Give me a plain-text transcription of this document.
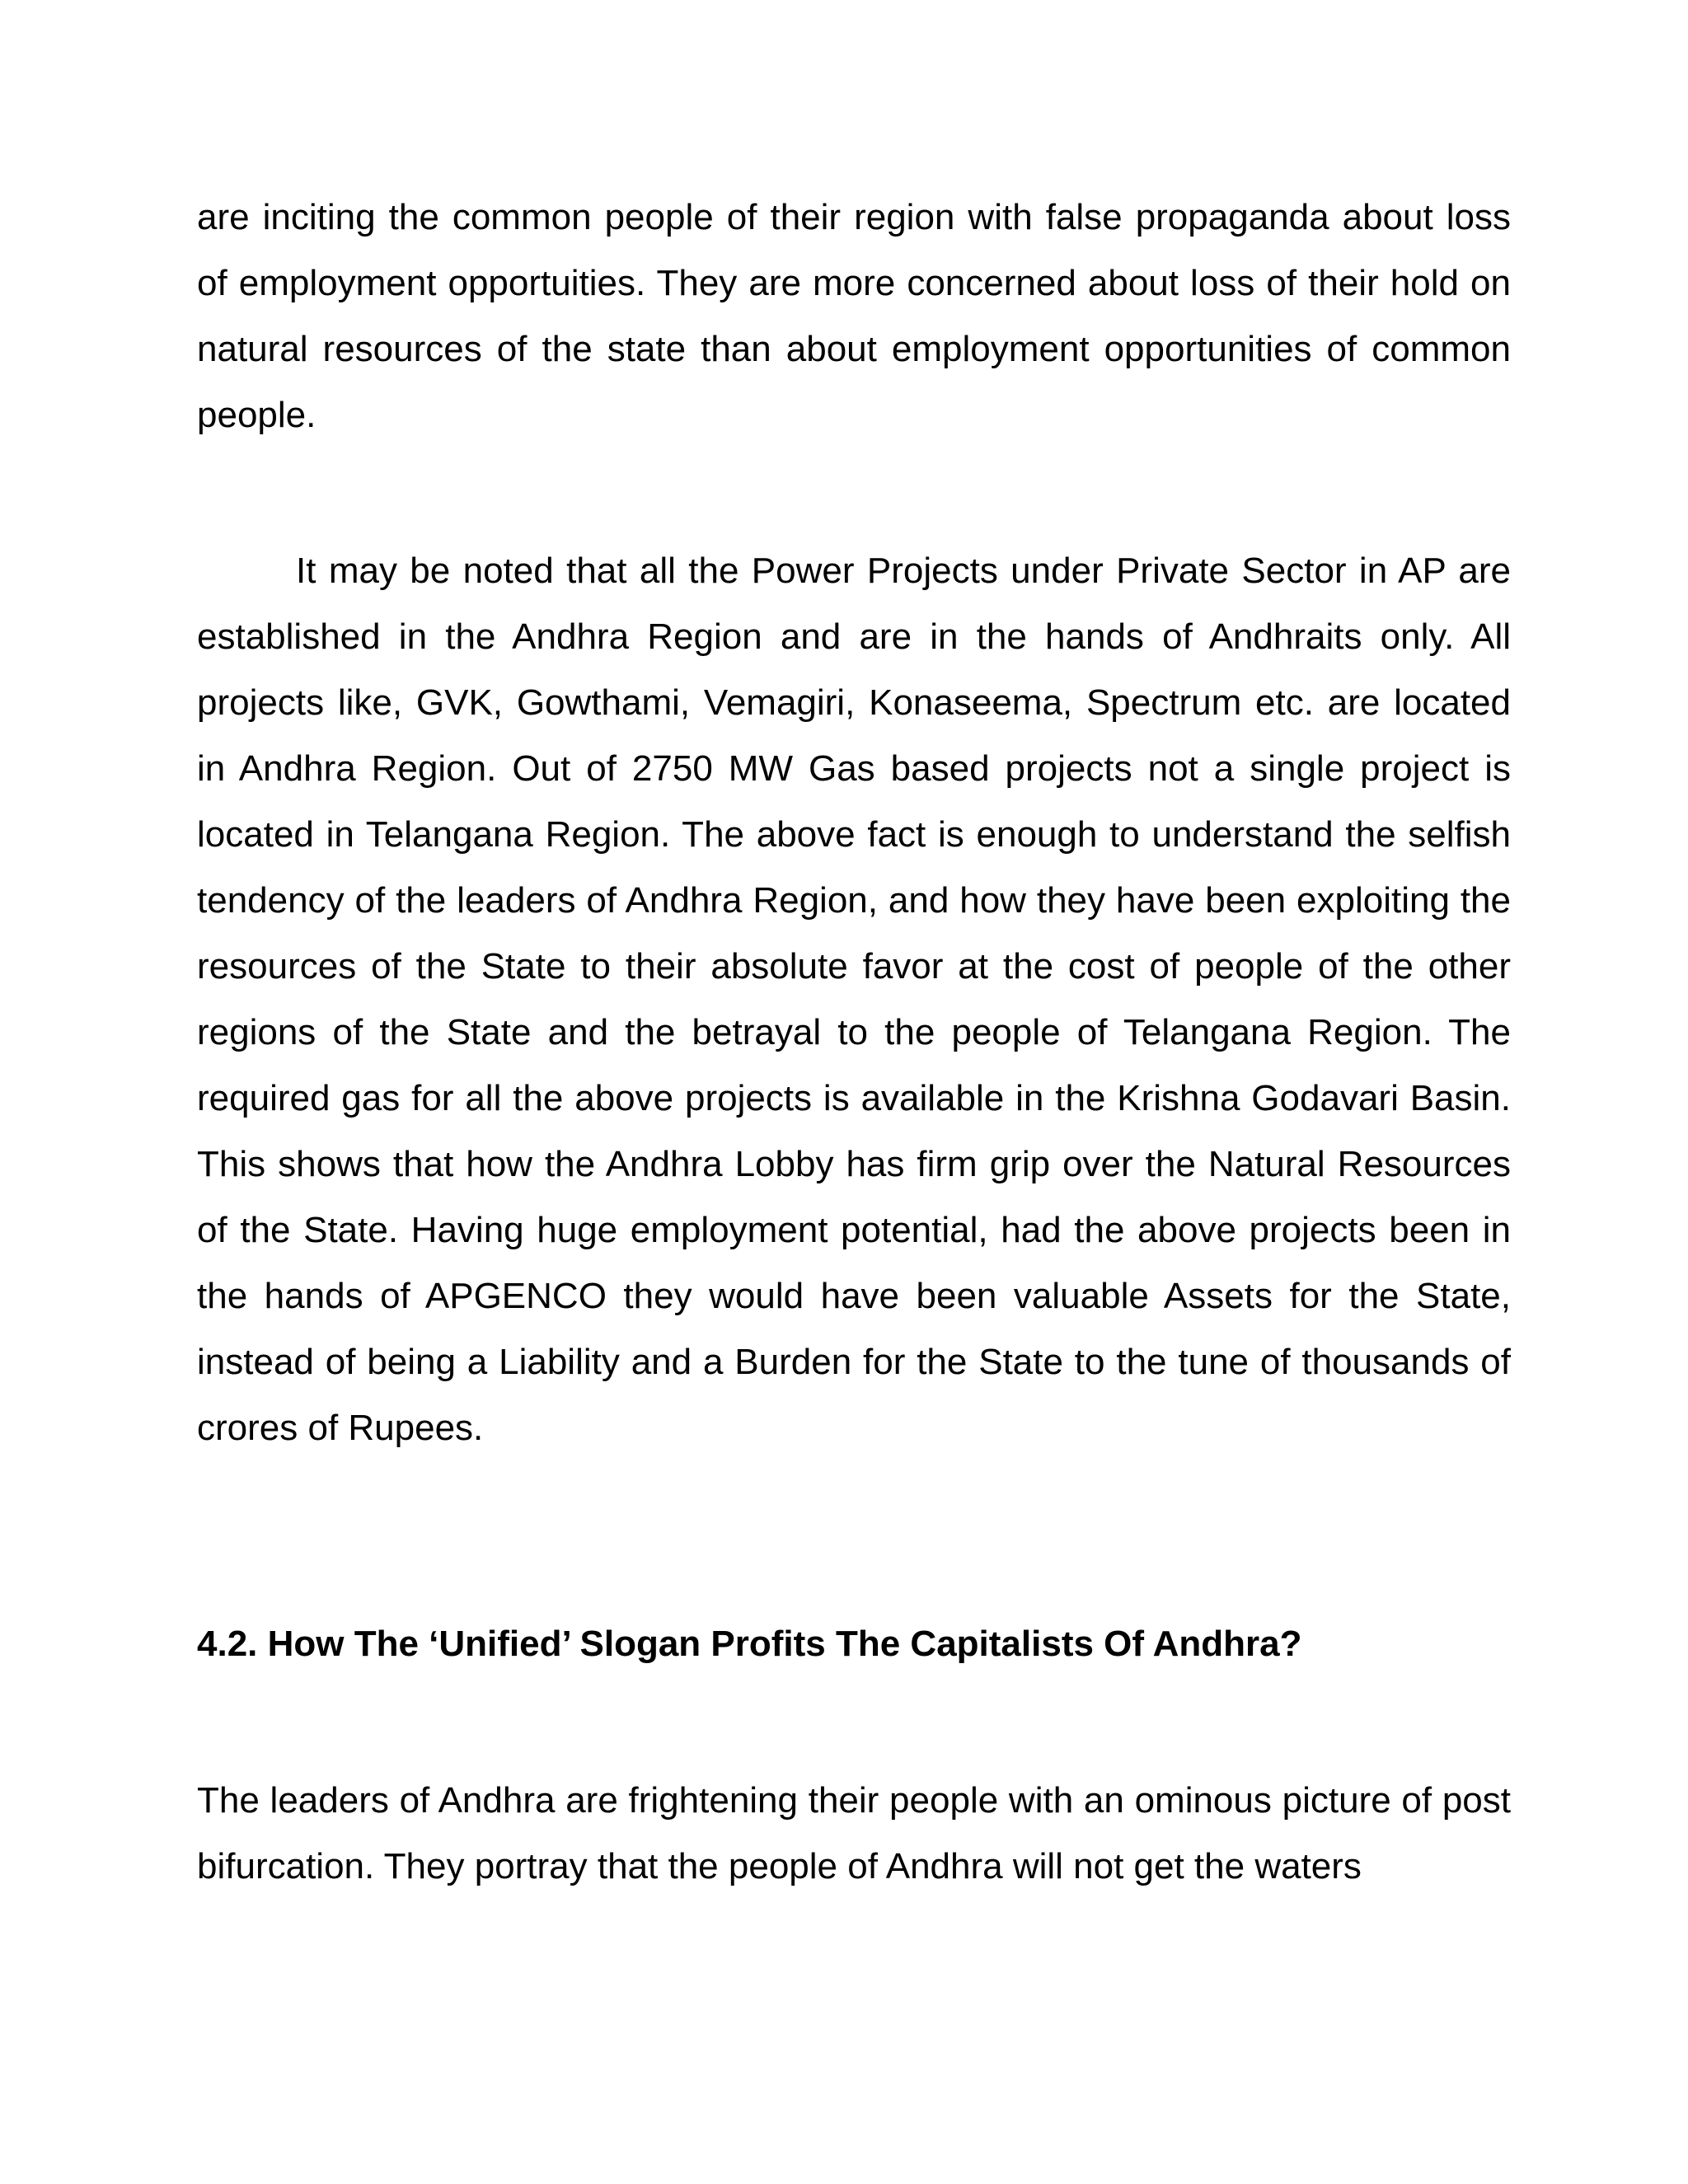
are inciting the common people of their region with false propaganda about loss of employment opportuities. They are more concerned about loss of their hold on natural resources of the state than about employment opportunities of common people.

It may be noted that all the Power Projects under Private Sector in AP are established in the Andhra Region and are in the hands of Andhraits only. All projects like, GVK, Gowthami, Vemagiri, Konaseema, Spectrum etc. are located in Andhra Region. Out of 2750 MW Gas based projects not a single project is located in Telangana Region. The above fact is enough to understand the selfish tendency of the leaders of Andhra Region, and how they have been exploiting the resources of the State to their absolute favor at the cost of people of the other regions of the State and the betrayal to the people of Telangana Region. The required gas for all the above projects is available in the Krishna Godavari Basin. This shows that how the Andhra Lobby has firm grip over the Natural Resources of the State. Having huge employment potential, had the above projects been in the hands of APGENCO they would have been valuable Assets for the State, instead of being a Liability and a Burden for the State to the tune of thousands of crores of Rupees.

4.2. How The ‘Unified’ Slogan Profits The Capitalists Of Andhra?

The leaders of Andhra are frightening their people with an ominous picture of post bifurcation. They portray that the people of Andhra will not get the waters
